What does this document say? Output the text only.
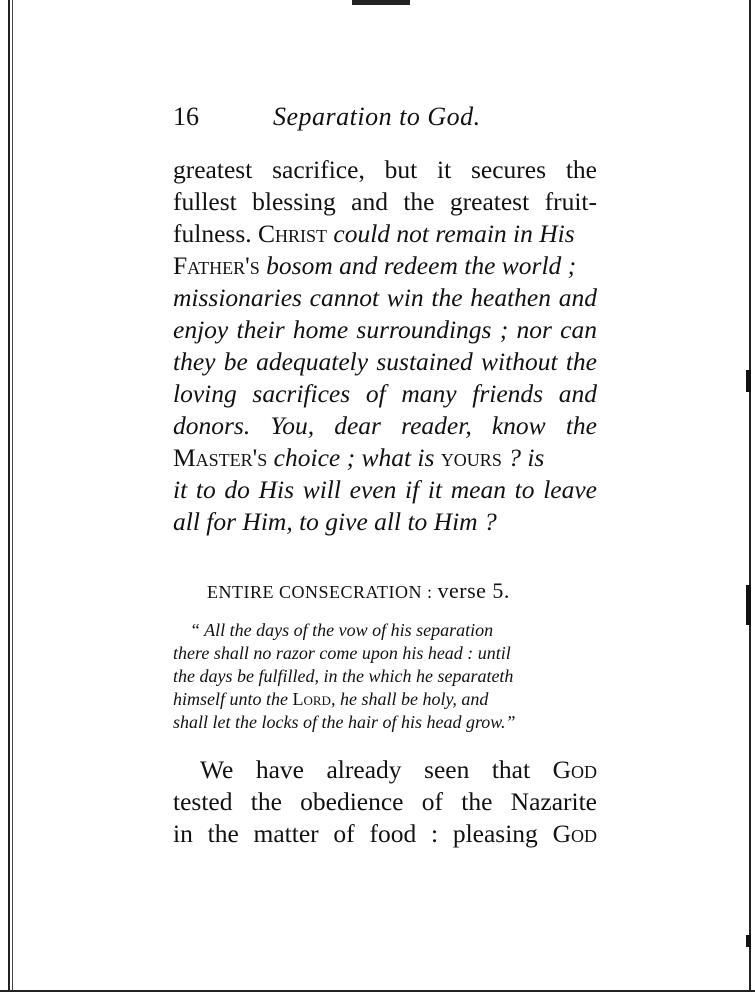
16	Separation to God.
greatest sacrifice, but it secures the
fullest blessing and the greatest fruit-
fulness. Christ could not remain in His
Father's bosom and redeem the world ;
missionaries cannot win the heathen and
enjoy their home surroundings ; nor can
they be adequately sustained without the
loving sacrifices of many friends and
donors. You, dear reader, know the
Master's choice ; what is yours ? is
it to do His will even if it mean to leave
all for Him, to give all to Him ?
ENTIRE CONSECRATION : verse 5.
“ All the days of the vow of his separation
there shall no razor come upon his head : until
the days be fulfilled, in the which he separateth
himself unto the Lord, he shall be holy, and
shall let the locks of the hair of his head grow.”
We have already seen that God
tested the obedience of the Nazarite
in the matter of food : pleasing God
